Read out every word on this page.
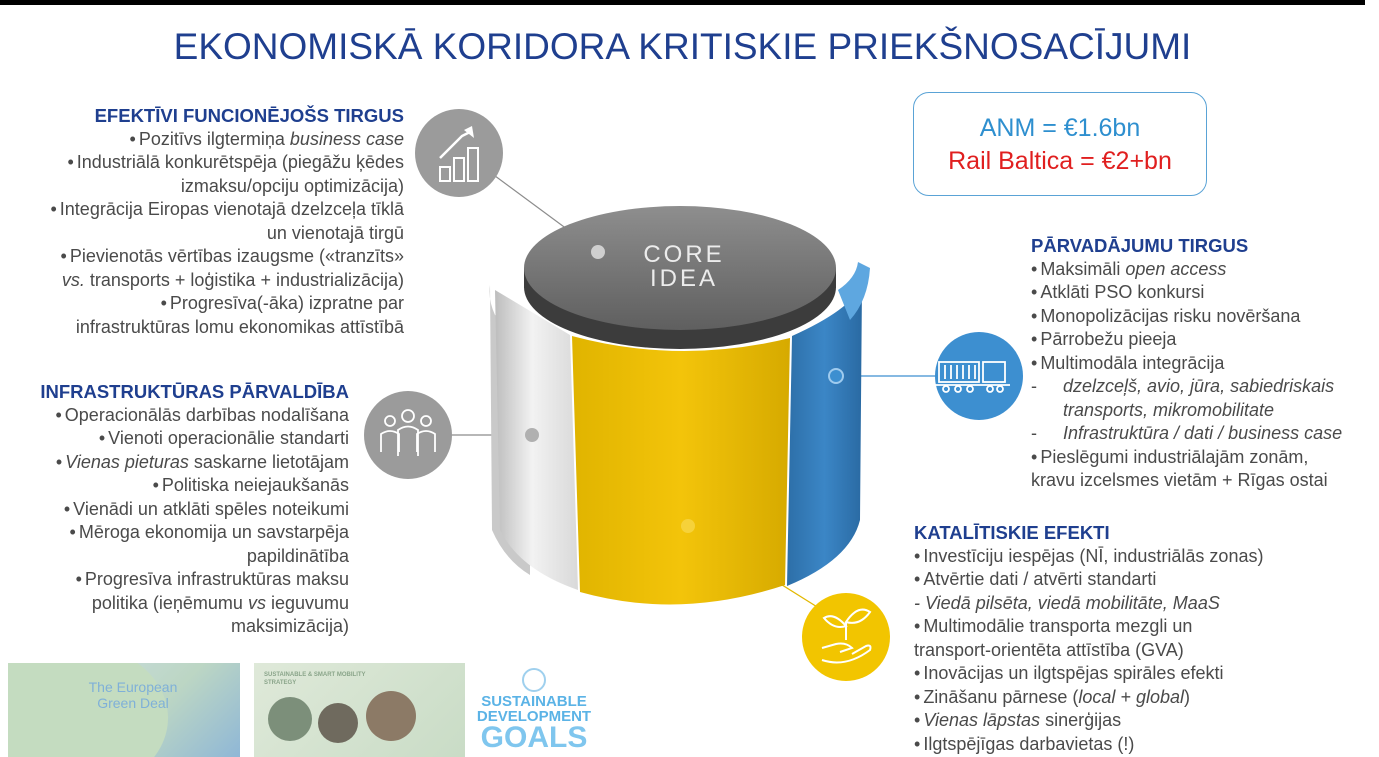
EKONOMISKĀ KORIDORA KRITISKIE PRIEKŠNOSACĪJUMI
CORE
IDEA
ANM = €1.6bn
Rail Baltica = €2+bn
EFEKTĪVI FUNCIONĒJOŠS TIRGUS
• Pozitīvs ilgtermiņa business case
• Industriālā konkurētspēja (piegāžu ķēdes
izmaksu/opciju optimizācija)
• Integrācija Eiropas vienotajā dzelzceļa tīklā
un vienotajā tirgū
• Pievienotās vērtības izaugsme («tranzīts»
vs. transports + loģistika + industrializācija)
• Progresīva(-āka) izpratne par
infrastruktūras lomu ekonomikas attīstībā
INFRASTRUKTŪRAS PĀRVALDĪBA
• Operacionālās darbības nodalīšana
• Vienoti operacionālie standarti
• Vienas pieturas saskarne lietotājam
• Politiska neiejaukšanās
• Vienādi un atklāti spēles noteikumi
• Mēroga ekonomija un savstarpēja
papildinātība
• Progresīva infrastruktūras maksu
politika (ieņēmumu vs ieguvumu
maksimizācija)
PĀRVADĀJUMU TIRGUS
• Maksimāli open access
• Atklāti PSO konkursi
• Monopolizācijas risku novēršana
• Pārrobežu pieeja
• Multimodāla integrācija
-	dzelzceļš, avio, jūra, sabiedriskais
transports, mikromobilitate
-	Infrastruktūra / dati / business case
• Pieslēgumi industriālajām zonām,
kravu izcelsmes vietām + Rīgas ostai
KATALĪTISKIE EFEKTI
• Investīciju iespējas (NĪ, industriālās zonas)
• Atvērtie dati / atvērti standarti
- Viedā pilsēta, viedā mobilitāte, MaaS
• Multimodālie transporta mezgli un
transport-orientēta attīstība (GVA)
• Inovācijas un ilgtspējas spirāles efekti
• Zināšanu pārnese (local + global)
• Vienas lāpstas sinerģijas
• Ilgtspējīgas darbavietas (!)
The European Green Deal
SUSTAINABLE & SMART MOBILITY STRATEGY
SUSTAINABLE
DEVELOPMENT
GOALS
